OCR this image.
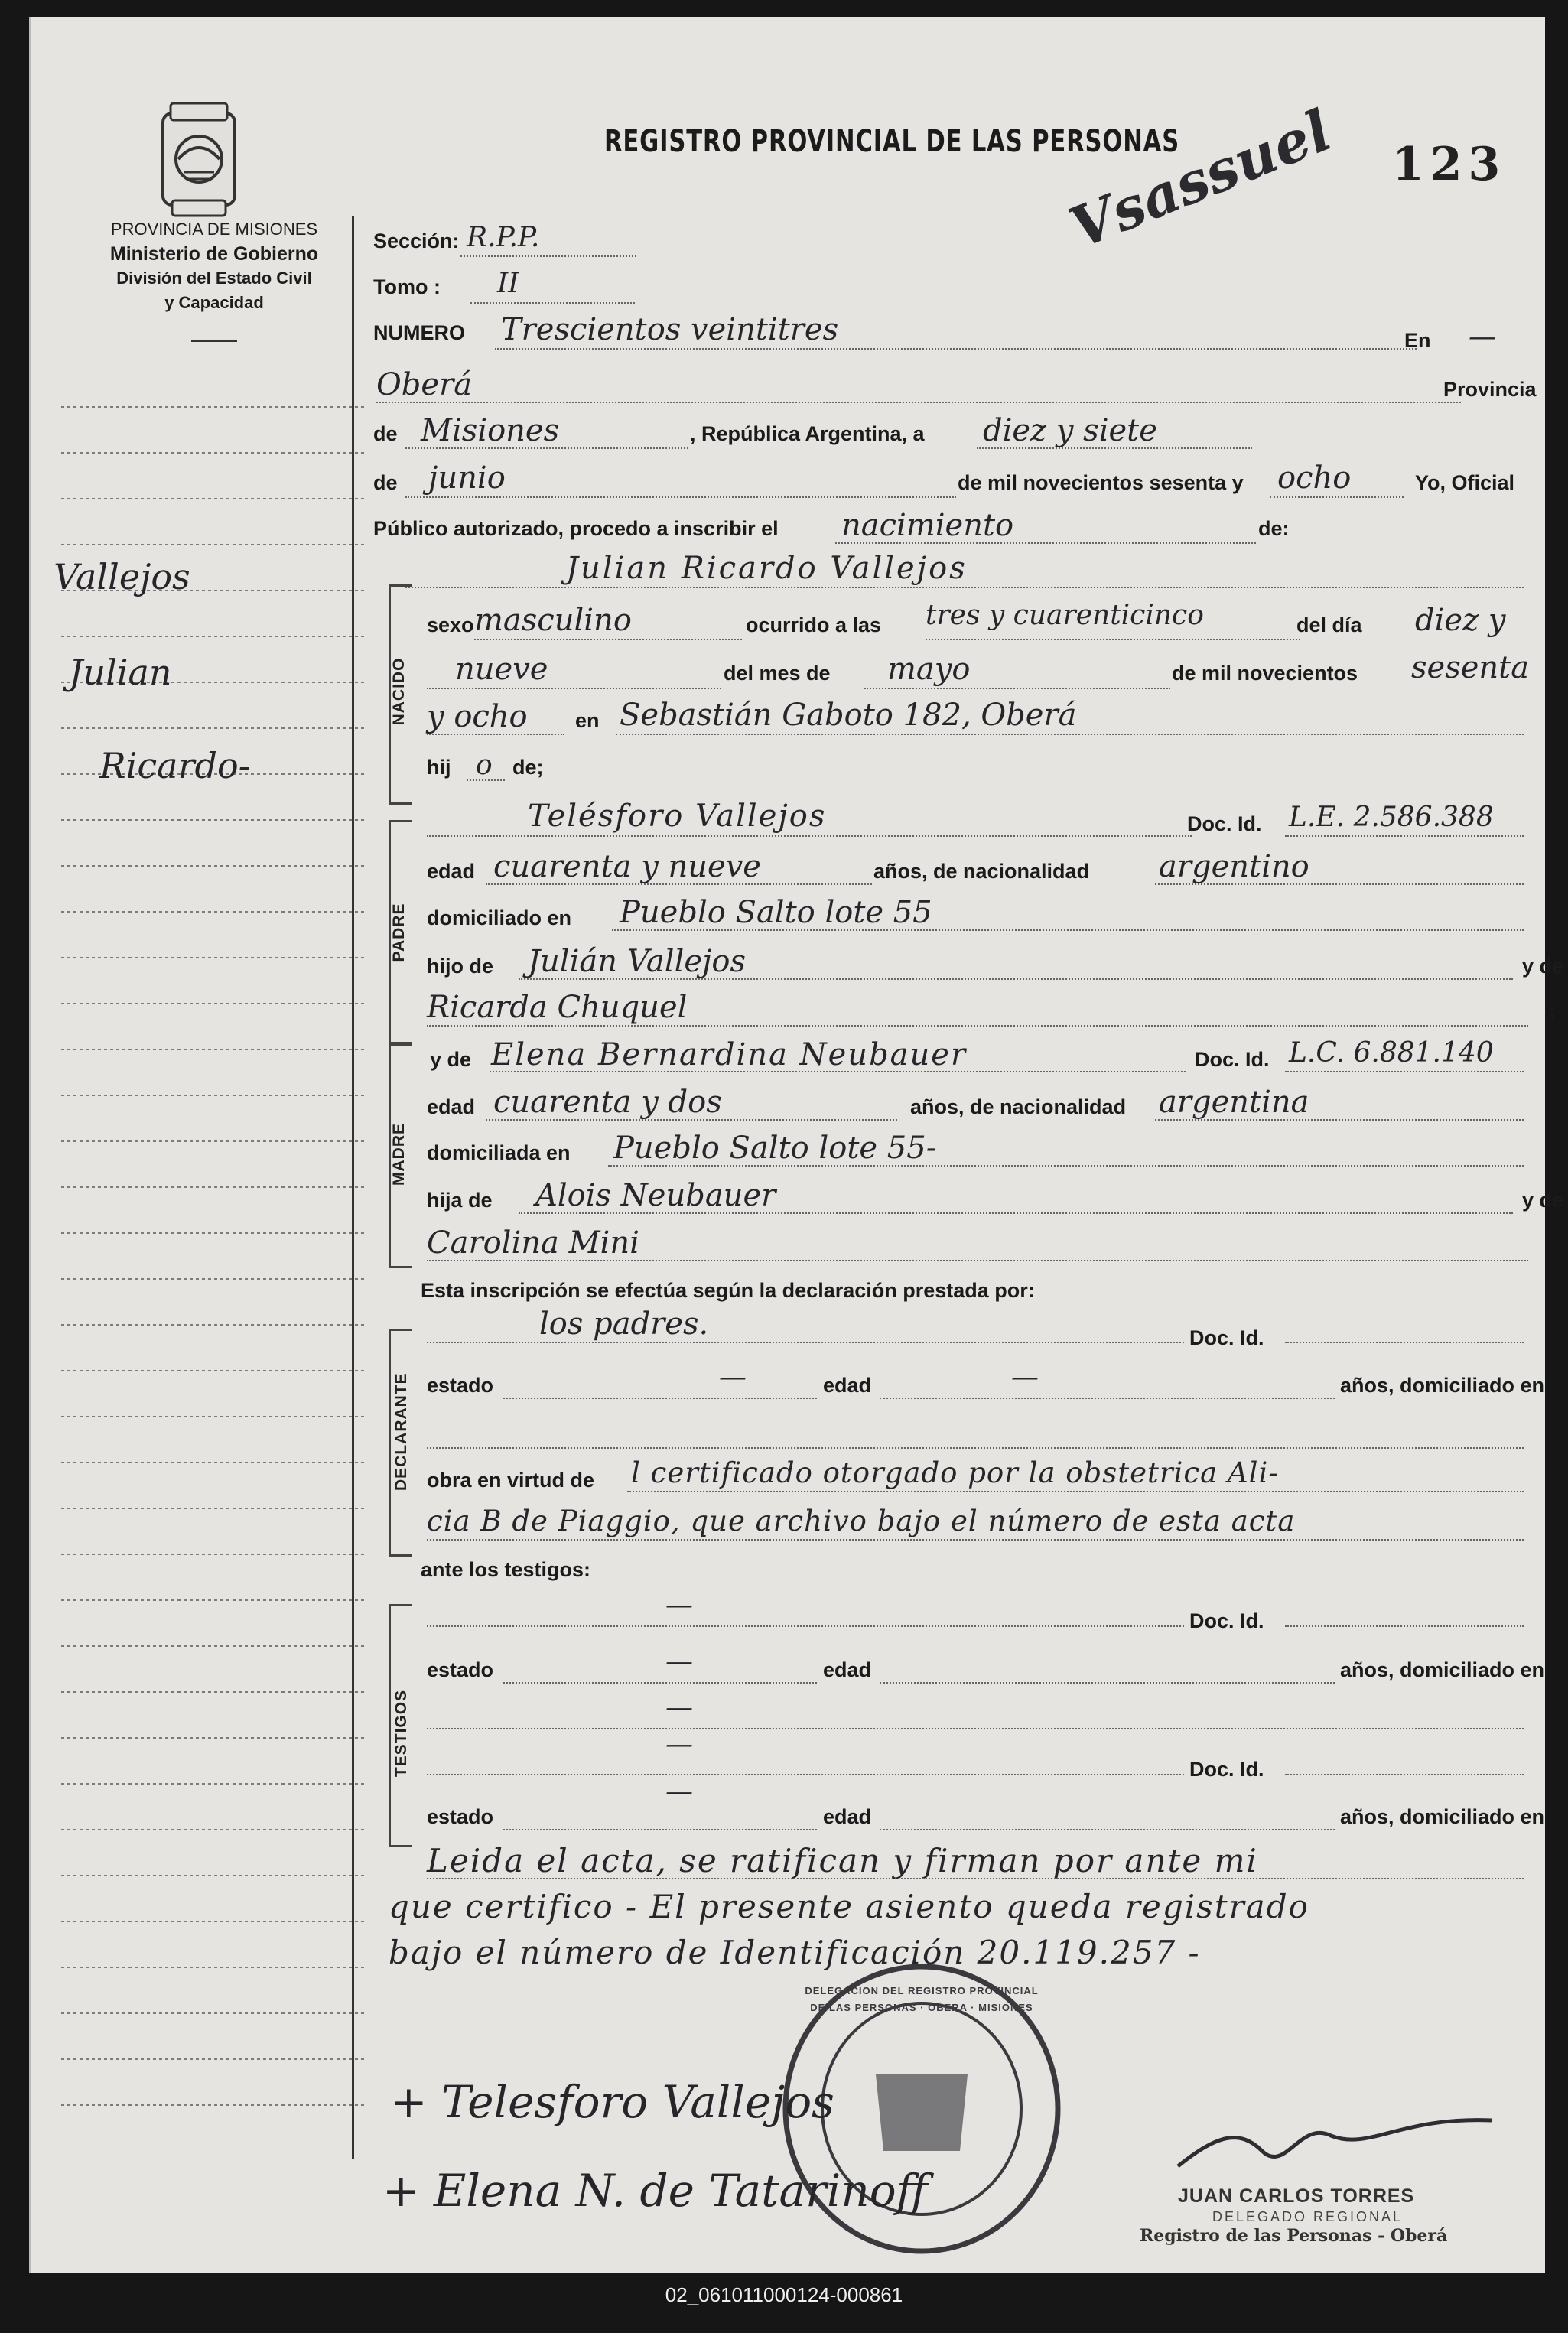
PROVINCIA DE MISIONES
Ministerio de Gobierno
División del Estado Civil
y Capacidad
REGISTRO PROVINCIAL DE LAS PERSONAS	123
Vsassuel
Vallejos
Julian
Ricardo-
NACIDO
PADRE
MADRE
DECLARANTE
TESTIGOS
Sección: R.P.P.
Tomo : II
NUMERO Trescientos veintitres	En —
Oberá	Provincia
de Misiones	, República Argentina, a diez y siete
de junio	de mil novecientos sesenta y ocho	Yo, Oficial
Público autorizado, procedo a inscribir el nacimiento	de:
Julian Ricardo Vallejos
sexo masculino	ocurrido a las tres y cuarenticinco	del día diez y
nueve	del mes de mayo	de mil novecientos sesenta
y ocho en Sebastián Gaboto 182, Oberá
hij o de;
Telésforo Vallejos	Doc. Id. L.E. 2.586.388
edad cuarenta y nueve	años, de nacionalidad argentino
domiciliado en Pueblo Salto lote 55
hijo de Julián Vallejos	y de
Ricarda Chuquel	;
y de Elena Bernardina Neubauer	Doc. Id. L.C. 6.881.140
edad cuarenta y dos	años, de nacionalidad argentina
domiciliada en Pueblo Salto lote 55-
hija de Alois Neubauer	y de
Carolina Mini
Esta inscripción se efectúa según la declaración prestada por:
los padres.	Doc. Id.
estado	—	edad	—	años, domiciliado en
obra en virtud de l certificado otorgado por la obstetrica Ali-
cia B de Piaggio, que archivo bajo el número de esta acta
ante los testigos:
—	Doc. Id.
estado	—	edad	años, domiciliado en
—
—
Doc. Id.
estado
—
edad	años, domiciliado en
Leida el acta, se ratifican y firman por ante mi
que certifico - El presente asiento queda registrado
bajo el número de Identificación 20.119.257 -
DELEGACION DEL REGISTRO PROVINCIAL DE LAS PERSONAS · OBERA · MISIONES
+ Telesforo Vallejos
+ Elena N. de Tatarinoff	JUAN CARLOS TORRES
DELEGADO REGIONAL
Registro de las Personas - Oberá
02_061011000124-000861
